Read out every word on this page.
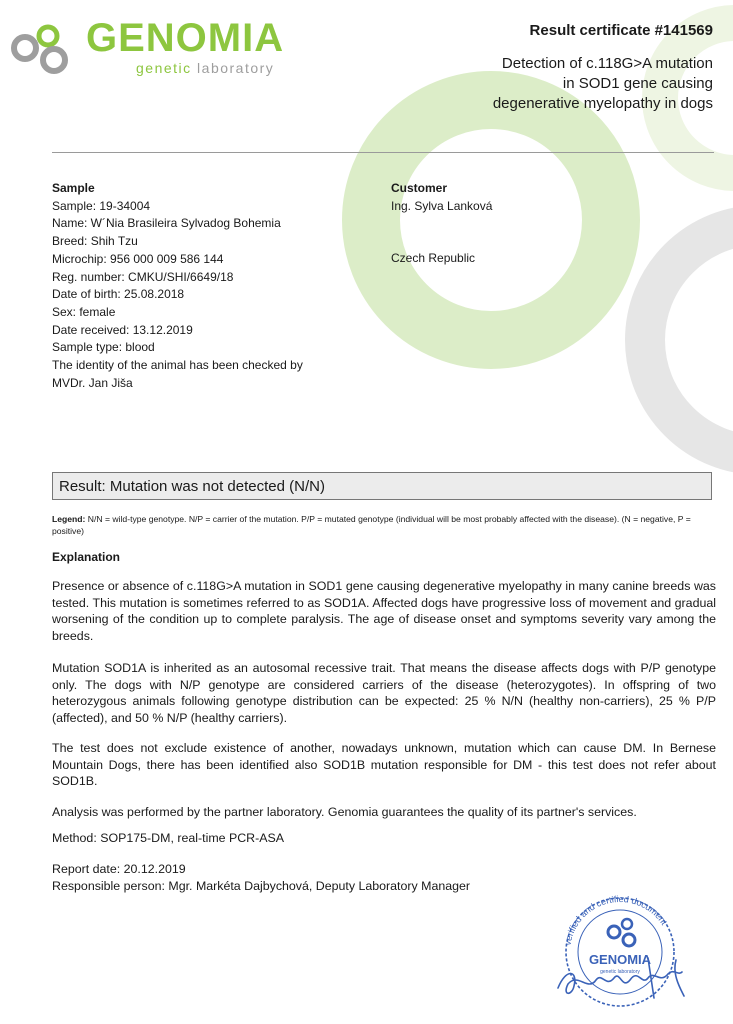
GENOMIA
genetic laboratory
Result certificate #141569
Detection of c.118G>A mutation
in SOD1 gene causing
degenerative myelopathy in dogs
Sample
Sample: 19-34004
Name: W´Nia Brasileira Sylvadog Bohemia
Breed: Shih Tzu
Microchip: 956 000 009 586 144
Reg. number: CMKU/SHI/6649/18
Date of birth: 25.08.2018
Sex: female
Date received: 13.12.2019
Sample type: blood
The identity of the animal has been checked by
MVDr. Jan Jiša
Customer
Ing. Sylva Lanková
Czech Republic
Result: Mutation was not detected (N/N)
Legend: N/N = wild-type genotype. N/P = carrier of the mutation. P/P = mutated genotype (individual will be most probably affected with the disease). (N = negative, P = positive)
Explanation

Presence or absence of c.118G>A mutation in SOD1 gene causing degenerative myelopathy in many canine breeds was tested. This mutation is sometimes referred to as SOD1A. Affected dogs have progressive loss of movement and gradual worsening of the condition up to complete paralysis. The age of disease onset and symptoms severity vary among the breeds.

Mutation SOD1A is inherited as an autosomal recessive trait. That means the disease affects dogs with P/P genotype only. The dogs with N/P genotype are considered carriers of the disease (heterozygotes). In offspring of two heterozygous animals following genotype distribution can be expected: 25 % N/N (healthy non-carriers), 25 % P/P (affected), and 50 % N/P (healthy carriers).

The test does not exclude existence of another, nowadays unknown, mutation which can cause DM. In Bernese Mountain Dogs, there has been identified also SOD1B mutation responsible for DM - this test does not refer about SOD1B.

Analysis was performed by the partner laboratory. Genomia guarantees the quality of its partner's services.

Method: SOP175-DM, real-time PCR-ASA

Report date: 20.12.2019
Responsible person: Mgr. Markéta Dajbychová, Deputy Laboratory Manager
verified and certified document
GENOMIA
genetic laboratory
